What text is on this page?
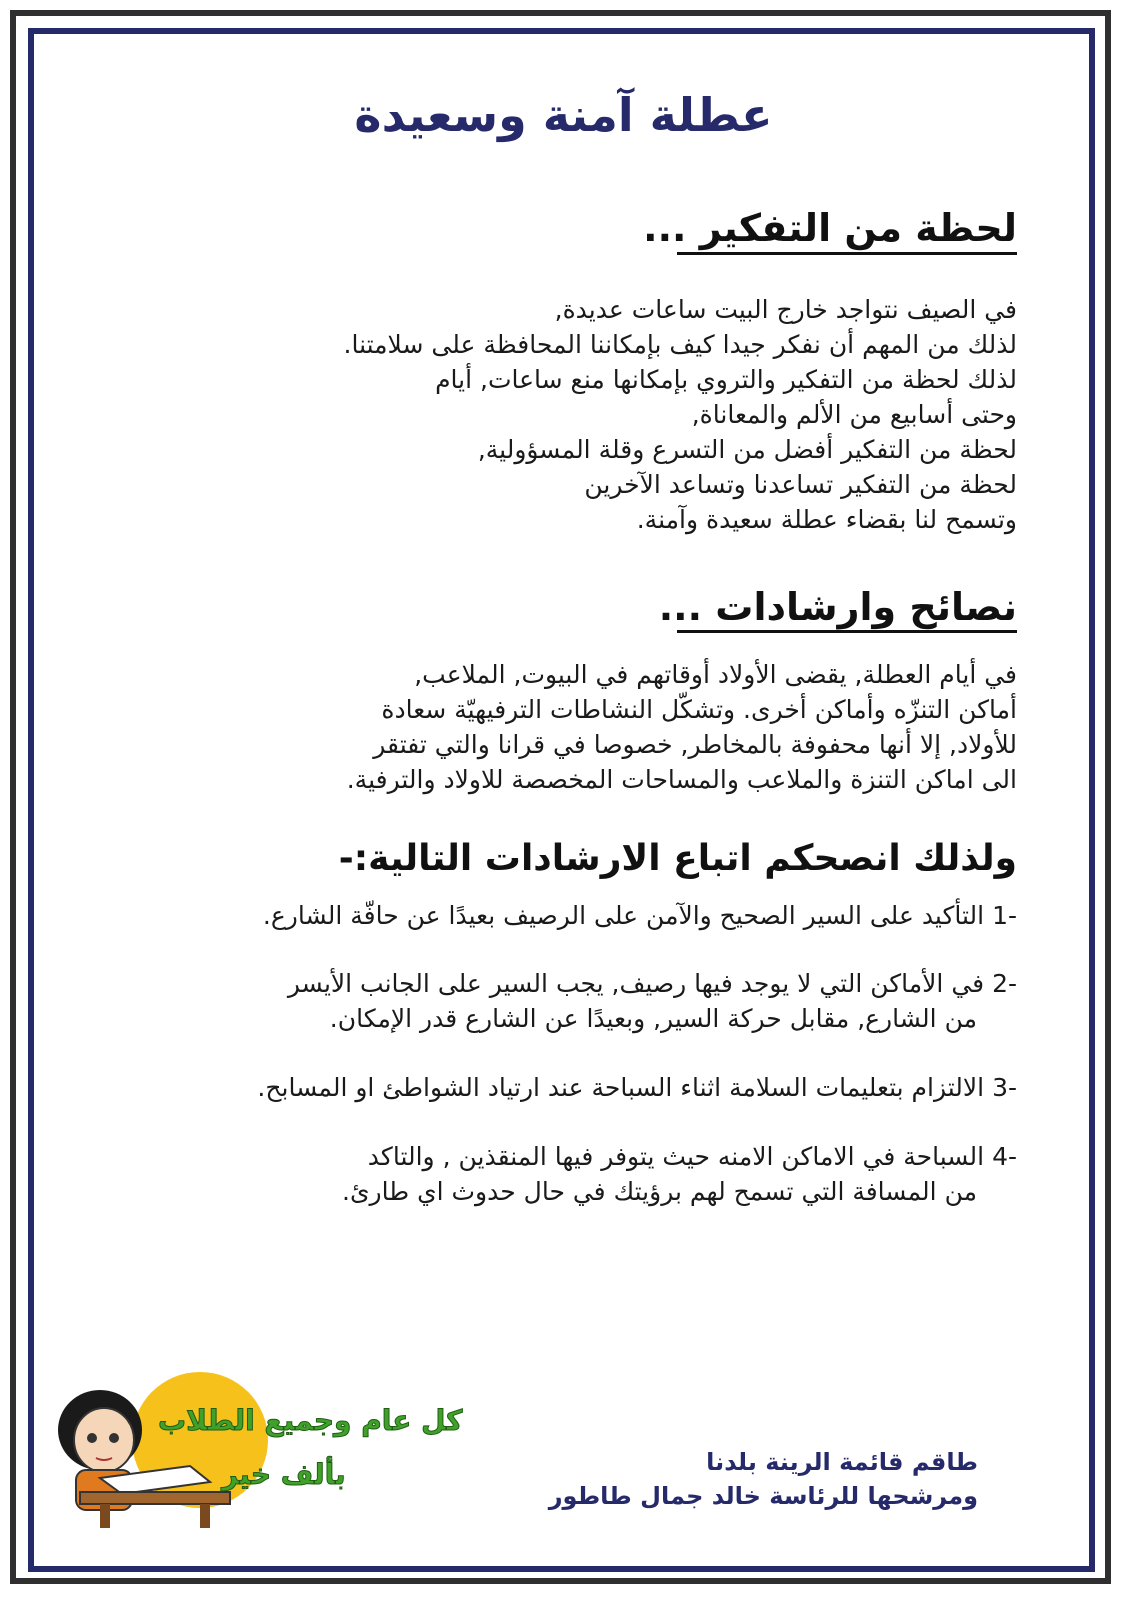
عطلة آمنة وسعيدة
لحظة من التفكير ...
في الصيف نتواجد خارج البيت ساعات عديدة,
لذلك من المهم أن نفكر جيدا كيف بإمكاننا المحافظة على سلامتنا.
لذلك لحظة من التفكير والتروي بإمكانها منع ساعات, أيام
وحتى أسابيع من الألم والمعاناة,
لحظة من التفكير أفضل من التسرع وقلة المسؤولية,
لحظة من التفكير تساعدنا وتساعد الآخرين
وتسمح لنا بقضاء عطلة سعيدة وآمنة.
نصائح وارشادات ...
في أيام العطلة, يقضى الأولاد أوقاتهم في البيوت, الملاعب,
أماكن التنزّه وأماكن أخرى. وتشكّل النشاطات الترفيهيّة سعادة
للأولاد, إلا أنها محفوفة بالمخاطر, خصوصا في قرانا والتي تفتقر
الى اماكن التنزة والملاعب والمساحات المخصصة للاولاد والترفية.
ولذلك انصحكم اتباع الارشادات التالية:-
-1 التأكيد على السير الصحيح والآمن على الرصيف بعيدًا عن حافّة الشارع.
-2 في الأماكن التي لا يوجد فيها رصيف, يجب السير على الجانب الأيسر
من الشارع, مقابل حركة السير, وبعيدًا عن الشارع قدر الإمكان.
-3 الالتزام بتعليمات السلامة اثناء السباحة عند ارتياد الشواطئ او المسابح.
-4 السباحة في الاماكن الامنه حيث يتوفر فيها المنقذين , والتاكد
من المسافة التي تسمح لهم برؤيتك في حال حدوث اي طارئ.
كل عام وجميع الطلاب
بألف خير	طاقم قائمة الرينة بلدنا
ومرشحها للرئاسة خالد جمال طاطور
